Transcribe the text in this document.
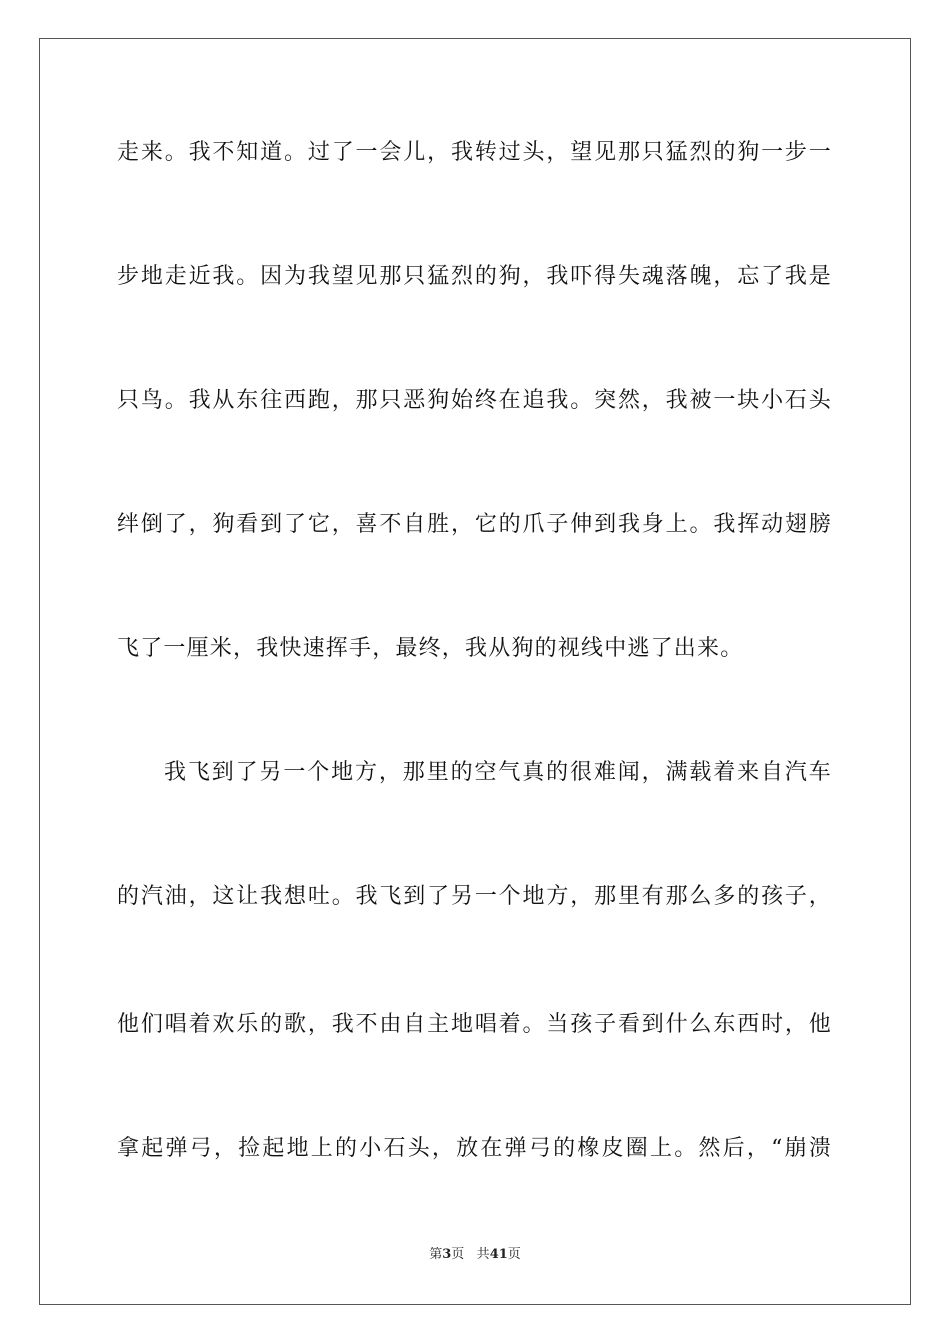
走来。我不知道。过了一会儿，我转过头，望见那只猛烈的狗一步一
步地走近我。因为我望见那只猛烈的狗，我吓得失魂落魄，忘了我是
只鸟。我从东往西跑，那只恶狗始终在追我。突然，我被一块小石头
绊倒了，狗看到了它，喜不自胜，它的爪子伸到我身上。我挥动翅膀
飞了一厘米，我快速挥手，最终，我从狗的视线中逃了出来。
我飞到了另一个地方，那里的空气真的很难闻，满载着来自汽车
的汽油，这让我想吐。我飞到了另一个地方，那里有那么多的孩子，
他们唱着欢乐的歌，我不由自主地唱着。当孩子看到什么东西时，他
拿起弹弓，捡起地上的小石头，放在弹弓的橡皮圈上。然后，“崩溃
第3页 共41页
